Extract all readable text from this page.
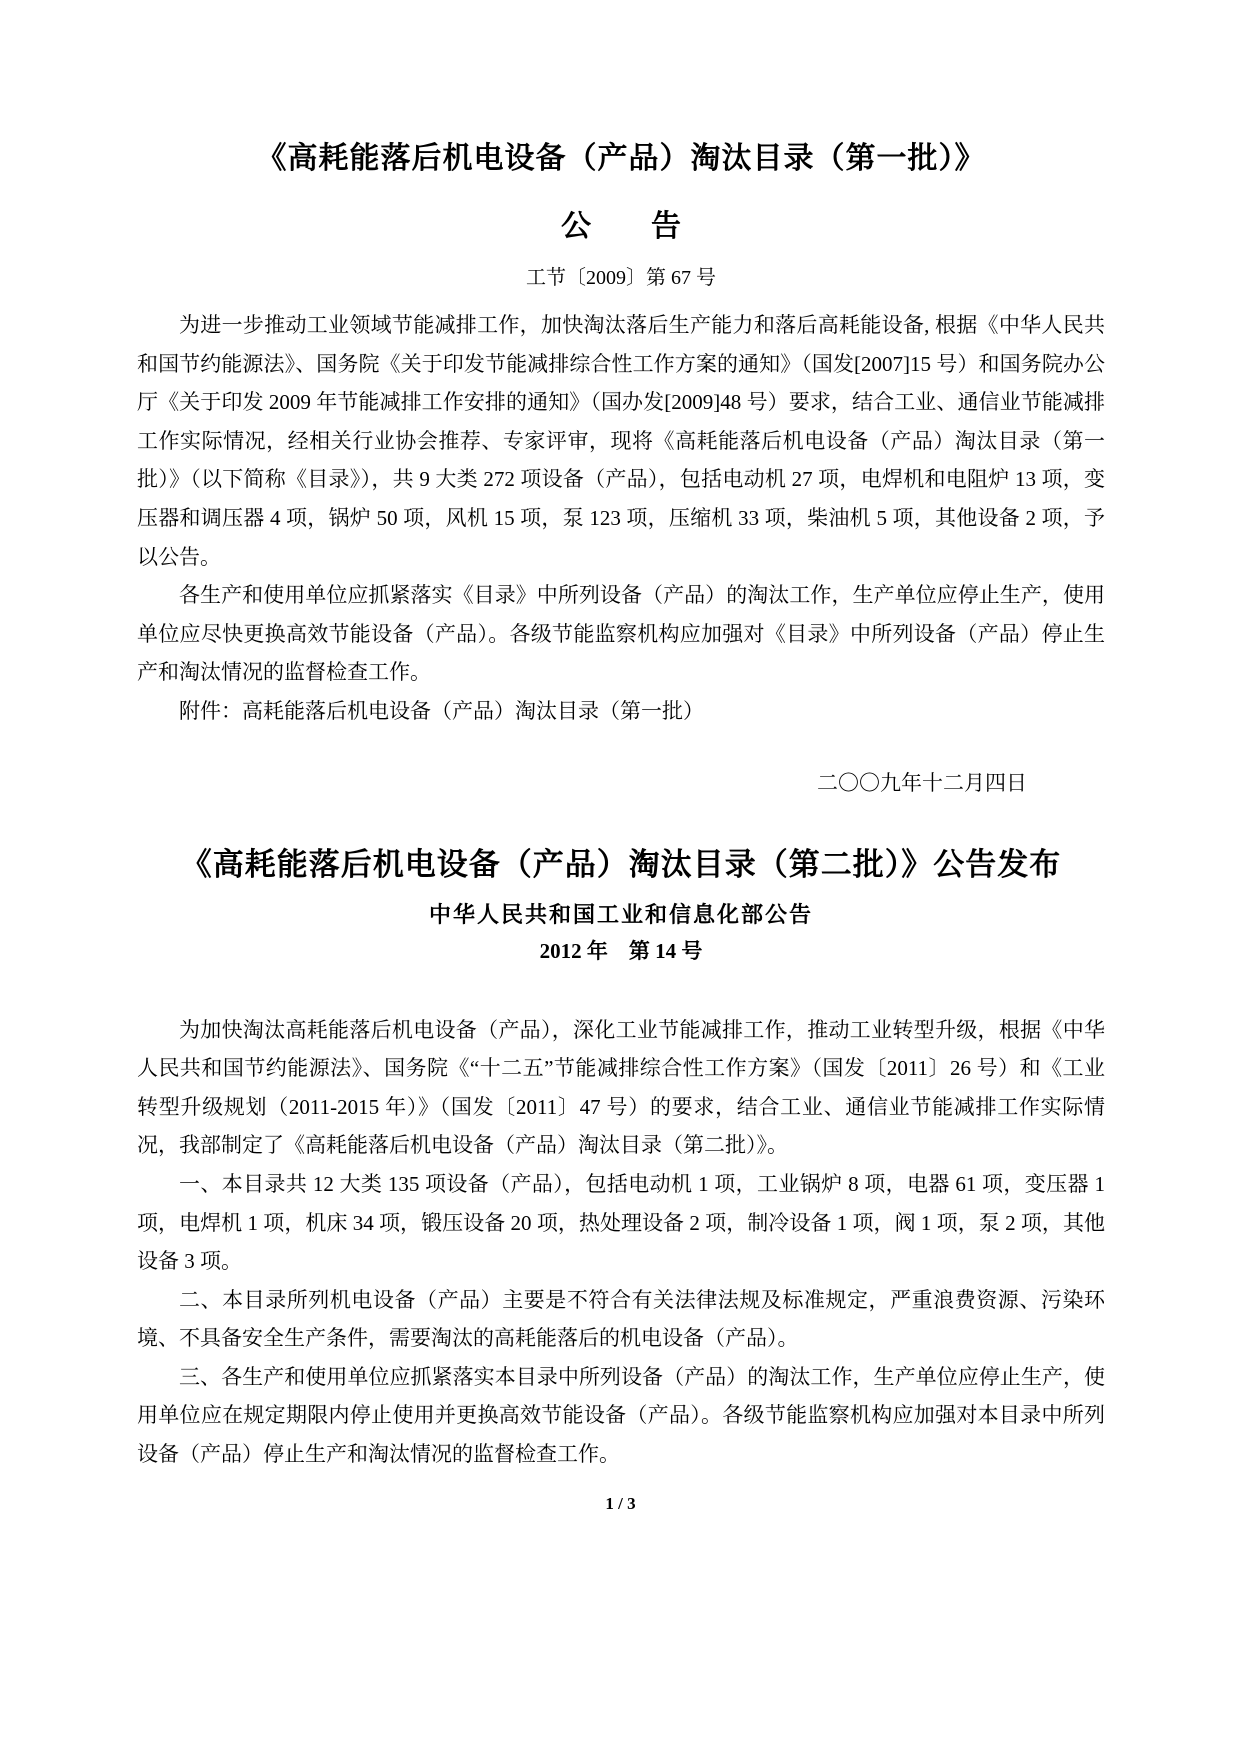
《高耗能落后机电设备（产品）淘汰目录（第一批）》
公　　告
工节〔2009〕第 67 号

为进一步推动工业领域节能减排工作，加快淘汰落后生产能力和落后高耗能设备, 根据《中华人民共和国节约能源法》、国务院《关于印发节能减排综合性工作方案的通知》（国发[2007]15 号）和国务院办公厅《关于印发 2009 年节能减排工作安排的通知》（国办发[2009]48 号）要求，结合工业、通信业节能减排工作实际情况，经相关行业协会推荐、专家评审，现将《高耗能落后机电设备（产品）淘汰目录（第一批）》（以下简称《目录》），共 9 大类 272 项设备（产品），包括电动机 27 项，电焊机和电阻炉 13 项，变压器和调压器 4 项，锅炉 50 项，风机 15 项，泵 123 项，压缩机 33 项，柴油机 5 项，其他设备 2 项，予以公告。

各生产和使用单位应抓紧落实《目录》中所列设备（产品）的淘汰工作，生产单位应停止生产，使用单位应尽快更换高效节能设备（产品）。各级节能监察机构应加强对《目录》中所列设备（产品）停止生产和淘汰情况的监督检查工作。

附件：高耗能落后机电设备（产品）淘汰目录（第一批）

二〇〇九年十二月四日
《高耗能落后机电设备（产品）淘汰目录（第二批）》公告发布
中华人民共和国工业和信息化部公告
2012 年　第 14 号

为加快淘汰高耗能落后机电设备（产品），深化工业节能减排工作，推动工业转型升级，根据《中华人民共和国节约能源法》、国务院《“十二五”节能减排综合性工作方案》（国发〔2011〕26 号）和《工业转型升级规划（2011-2015 年）》（国发〔2011〕47 号）的要求，结合工业、通信业节能减排工作实际情况，我部制定了《高耗能落后机电设备（产品）淘汰目录（第二批）》。

一、本目录共 12 大类 135 项设备（产品），包括电动机 1 项，工业锅炉 8 项，电器 61 项，变压器 1 项，电焊机 1 项，机床 34 项，锻压设备 20 项，热处理设备 2 项，制冷设备 1 项，阀 1 项，泵 2 项，其他设备 3 项。

二、本目录所列机电设备（产品）主要是不符合有关法律法规及标准规定，严重浪费资源、污染环境、不具备安全生产条件，需要淘汰的高耗能落后的机电设备（产品）。

三、各生产和使用单位应抓紧落实本目录中所列设备（产品）的淘汰工作，生产单位应停止生产，使用单位应在规定期限内停止使用并更换高效节能设备（产品）。各级节能监察机构应加强对本目录中所列设备（产品）停止生产和淘汰情况的监督检查工作。

1 / 3
